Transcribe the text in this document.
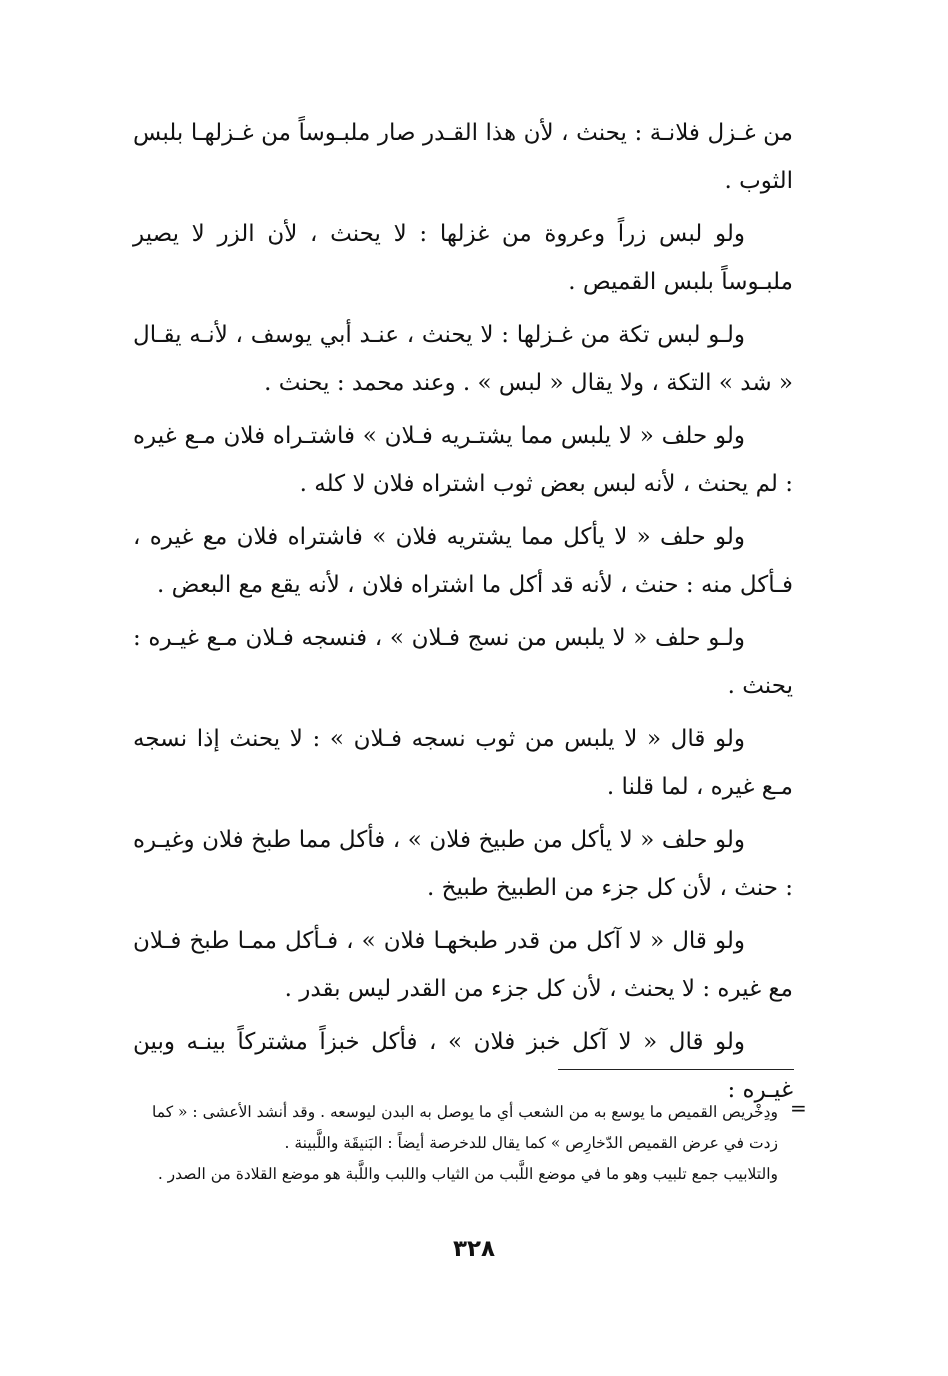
من غـزل فلانـة : يحنث ، لأن هذا القـدر صار ملبـوساً من غـزلهـا بلبس الثوب .

ولو لبس زراً وعروة من غزلها : لا يحنث ، لأن الزر لا يصير ملبـوساً بلبس القميص .

ولـو لبس تكة من غـزلها : لا يحنث ، عنـد أبي يوسف ، لأنـه يقـال « شد » التكة ، ولا يقال « لبس » . وعند محمد : يحنث .

ولو حلف « لا يلبس مما يشتـريه فـلان » فاشتـراه فلان مـع غيره : لم يحنث ، لأنه لبس بعض ثوب اشتراه فلان لا كله .

ولو حلف « لا يأكل مما يشتريه فلان » فاشتراه فلان مع غيره ، فـأكل منه : حنث ، لأنه قد أكل ما اشتراه فلان ، لأنه يقع مع البعض .

ولـو حلف « لا يلبس من نسج فـلان » ، فنسجه فـلان مـع غيـره : يحنث .

ولو قال « لا يلبس من ثوب نسجه فـلان » : لا يحنث إذا نسجه مـع غيره ، لما قلنا .

ولو حلف « لا يأكل من طبيخ فلان » ، فأكل مما طبخ فلان وغيـره : حنث ، لأن كل جزء من الطبيخ طبيخ .

ولو قال « لا آكل من قدر طبخهـا فلان » ، فـأكل ممـا طبخ فـلان مع غيره : لا يحنث ، لأن كل جزء من القدر ليس بقدر .

ولو قال « لا آكل خبز فلان » ، فأكل خبزاً مشتركاً بينـه وبين غيـره :

=

ودِخْريص القميص ما يوسع به من الشعب أي ما يوصل به البدن ليوسعه . وقد أنشد الأعشى : « كما

زدت في عرض القميص الدّخارِص » كما يقال للدخرصة أيضاً : البَنيقَة واللَّبينة .

والتلابيب جمع تلبيب وهو ما في موضع اللَّبب من الثياب واللبب واللَّبة هو موضع القلادة من الصدر .

٣٢٨
